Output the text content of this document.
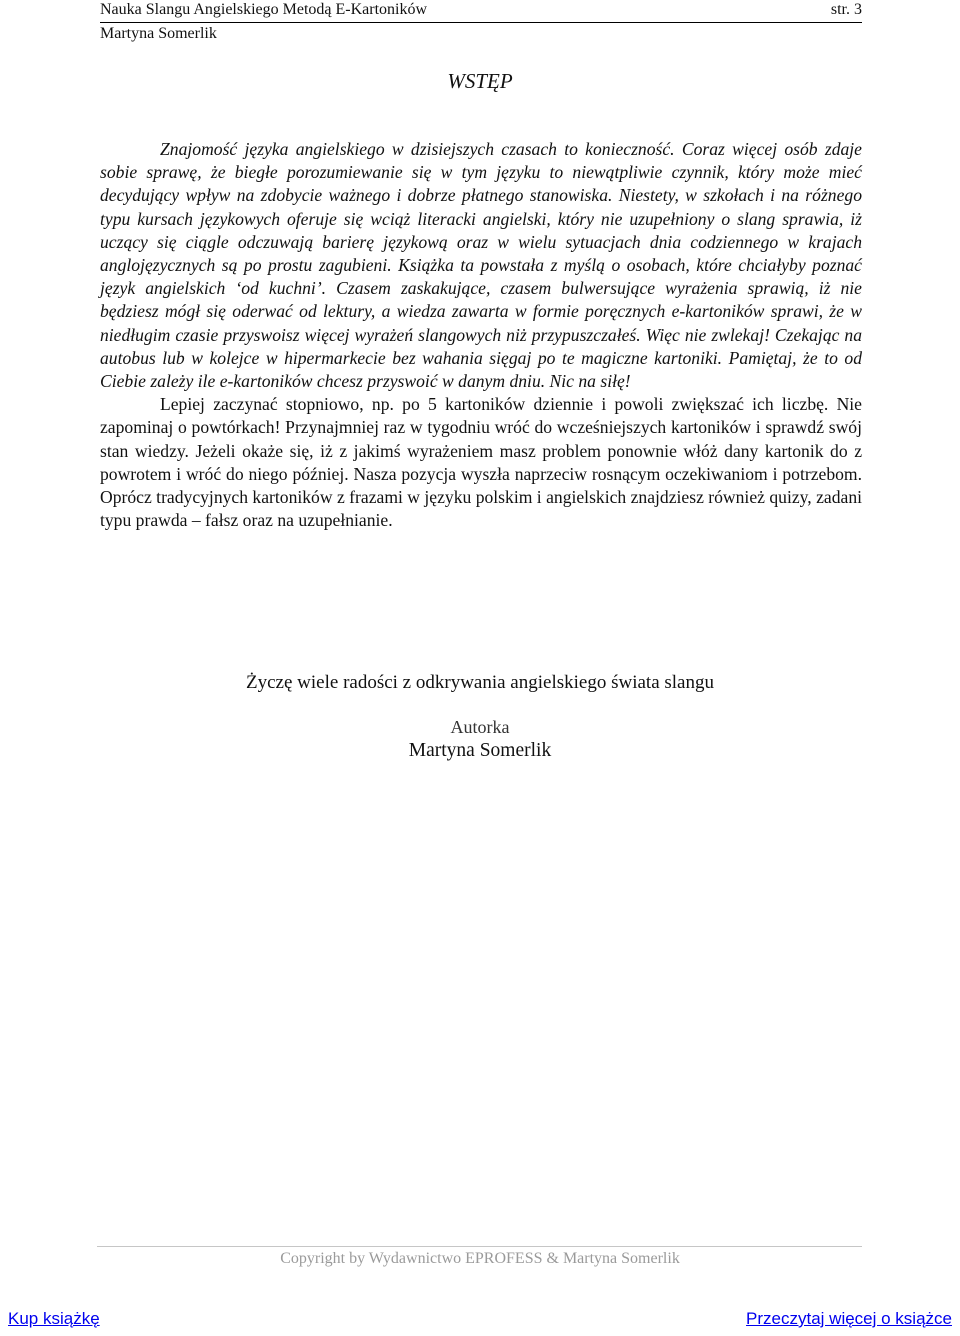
Nauka Slangu Angielskiego Metodą E-Kartoników	str. 3
Martyna Somerlik
WSTĘP

Znajomość języka angielskiego w dzisiejszych czasach to konieczność. Coraz więcej osób zdaje sobie sprawę, że biegłe porozumiewanie się w tym języku to niewątpliwie czynnik, który może mieć decydujący wpływ na zdobycie ważnego i dobrze płatnego stanowiska. Niestety, w szkołach i na różnego typu kursach językowych oferuje się wciąż literacki angielski, który nie uzupełniony o slang sprawia, iż uczący się ciągle odczuwają barierę językową oraz w wielu sytuacjach dnia codziennego w krajach anglojęzycznych są po prostu zagubieni. Książka ta powstała z myślą o osobach, które chciałyby poznać język angielskich ‘od kuchni’. Czasem zaskakujące, czasem bulwersujące wyrażenia sprawią, iż nie będziesz mógł się oderwać od lektury, a wiedza zawarta w formie poręcznych e-kartoników sprawi, że w niedługim czasie przyswoisz więcej wyrażeń slangowych niż przypuszczałeś. Więc nie zwlekaj! Czekając na autobus lub w kolejce w hipermarkecie bez wahania sięgaj po te magiczne kartoniki. Pamiętaj, że to od Ciebie zależy ile e-kartoników chcesz przyswoić w danym dniu. Nic na siłę!

Lepiej zaczynać stopniowo, np. po 5 kartoników dziennie i powoli zwiększać ich liczbę. Nie zapominaj o powtórkach! Przynajmniej raz w tygodniu wróć do wcześniejszych kartoników i sprawdź swój stan wiedzy. Jeżeli okaże się, iż z jakimś wyrażeniem masz problem ponownie włóż dany kartonik do z powrotem i wróć do niego później. Nasza pozycja wyszła naprzeciw rosnącym oczekiwaniom i potrzebom. Oprócz tradycyjnych kartoników z frazami w języku polskim i angielskich znajdziesz również quizy, zadani typu prawda – fałsz oraz na uzupełnianie.

Życzę wiele radości z odkrywania angielskiego świata slangu
Autorka
Martyna Somerlik
Copyright by Wydawnictwo EPROFESS & Martyna Somerlik
Kup książkę	Przeczytaj więcej o książce
